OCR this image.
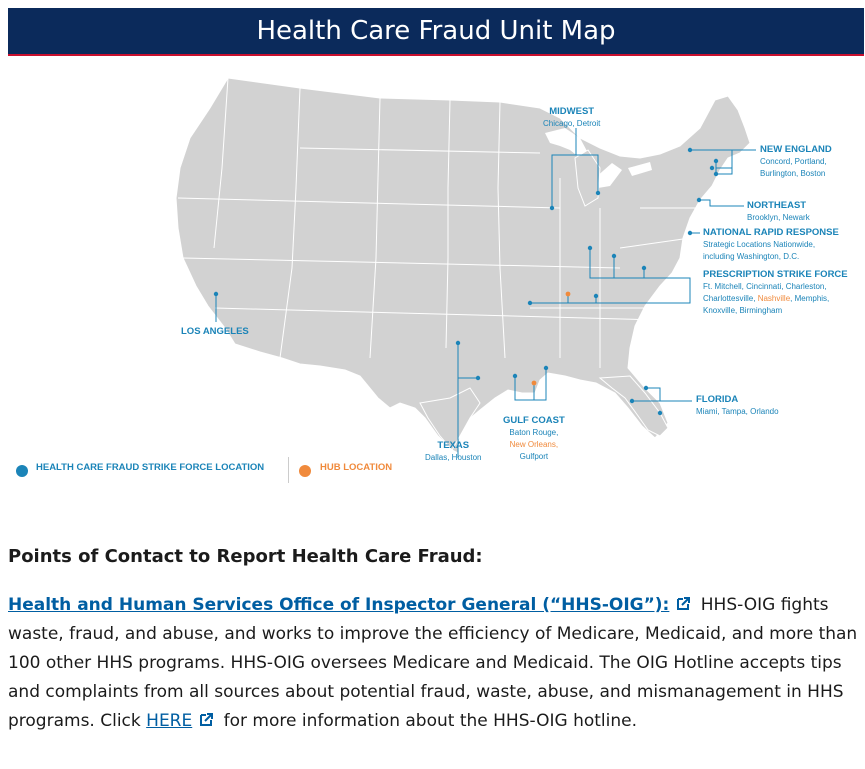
Health Care Fraud Unit Map
MIDWEST
Chicago, Detroit
NEW ENGLAND
Concord, Portland,
Burlington, Boston
NORTHEAST
Brooklyn, Newark
NATIONAL RAPID RESPONSE
Strategic Locations Nationwide,
including Washington, D.C.
PRESCRIPTION STRIKE FORCE
Ft. Mitchell, Cincinnati, Charleston,
Charlottesville, Nashville, Memphis,
Knoxville, Birmingham
LOS ANGELES
FLORIDA
Miami, Tampa, Orlando
GULF COAST
Baton Rouge,
New Orleans,
Gulfport
TEXAS
Dallas, Houston
HEALTH CARE FRAUD STRIKE FORCE LOCATION	HUB LOCATION
Points of Contact to Report Health Care Fraud:

Health and Human Services Office of Inspector General (“HHS-OIG”): HHS-OIG fights waste, fraud, and abuse, and works to improve the efficiency of Medicare, Medicaid, and more than 100 other HHS programs. HHS-OIG oversees Medicare and Medicaid. The OIG Hotline accepts tips and complaints from all sources about potential fraud, waste, abuse, and mismanagement in HHS programs. Click HERE for more information about the HHS-OIG hotline.
